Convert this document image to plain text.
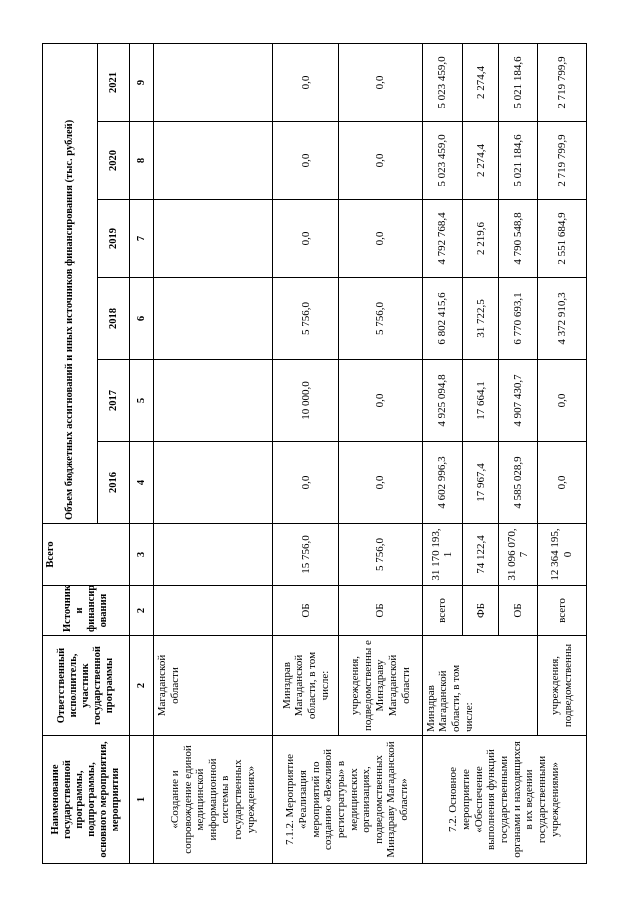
Наименование государственной программы, подпрограммы, основного мероприятия, мероприятия	Ответственный исполнитель, участник государственной программы	Источник и финансир ования	Всего	Объем бюджетных ассигнований и иных источников финансирования (тыс. рублей)					
				2016	2017	2018	2019	2020	2021
1	2	2	3	4	5	6	7	8	9
«Создание и сопровождение единой медицинской информационной системы в государственных учреждениях»	Магаданской области								
7.1.2. Мероприятие «Реализация мероприятий по созданию «Вежливой регистратуры» в медицинских организациях, подведомственных Минздраву Магаданской области»	Минздрав Магаданской области, в том числе:	ОБ	15 756,0	0,0	10 000,0	5 756,0	0,0	0,0	0,0
	учреждения, подведомственны е Минздраву Магаданской области	ОБ	5 756,0	0,0	0,0	5 756,0	0,0	0,0	0,0
7.2. Основное мероприятие «Обеспечение выполнения функций государственными органами и находящихся в их ведении государственными учреждениями»	Минздрав Магаданской области, в том числе:	всего	31 170 193, 1	4 602 996,3	4 925 094,8	6 802 415,6	4 792 768,4	5 023 459,0	5 023 459,0
		ФБ	74 122,4	17 967,4	17 664,1	31 722,5	2 219,6	2 274,4	2 274,4
		ОБ	31 096 070, 7	4 585 028,9	4 907 430,7	6 770 693,1	4 790 548,8	5 021 184,6	5 021 184,6
	учреждения, подведомственны	всего	12 364 195, 0	0,0	0,0	4 372 910,3	2 551 684,9	2 719 799,9	2 719 799,9
